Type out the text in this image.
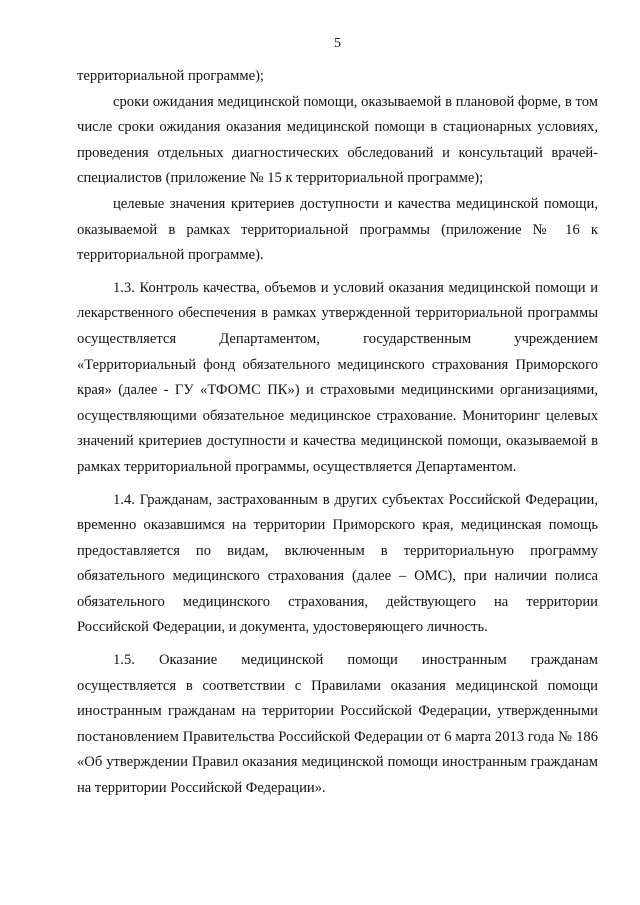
5

территориальной программе);

сроки ожидания медицинской помощи, оказываемой в плановой форме, в том числе сроки ожидания оказания медицинской помощи в стационарных условиях, проведения отдельных диагностических обследований и консультаций врачей-специалистов (приложение № 15 к территориальной программе);

целевые значения критериев доступности и качества медицинской помощи, оказываемой в рамках территориальной программы (приложение № 16 к территориальной программе).

1.3. Контроль качества, объемов и условий оказания медицинской помощи и лекарственного обеспечения в рамках утвержденной территориальной программы осуществляется Департаментом, государственным учреждением «Территориальный фонд обязательного медицинского страхования Приморского края» (далее - ГУ «ТФОМС ПК») и страховыми медицинскими организациями, осуществляющими обязательное медицинское страхование. Мониторинг целевых значений критериев доступности и качества медицинской помощи, оказываемой в рамках территориальной программы, осуществляется Департаментом.

1.4. Гражданам, застрахованным в других субъектах Российской Федерации, временно оказавшимся на территории Приморского края, медицинская помощь предоставляется по видам, включенным в территориальную программу обязательного медицинского страхования (далее – ОМС), при наличии полиса обязательного медицинского страхования, действующего на территории Российской Федерации, и документа, удостоверяющего личность.

1.5. Оказание медицинской помощи иностранным гражданам осуществляется в соответствии с Правилами оказания медицинской помощи иностранным гражданам на территории Российской Федерации, утвержденными постановлением Правительства Российской Федерации от 6 марта 2013 года № 186 «Об утверждении Правил оказания медицинской помощи иностранным гражданам на территории Российской Федерации».
